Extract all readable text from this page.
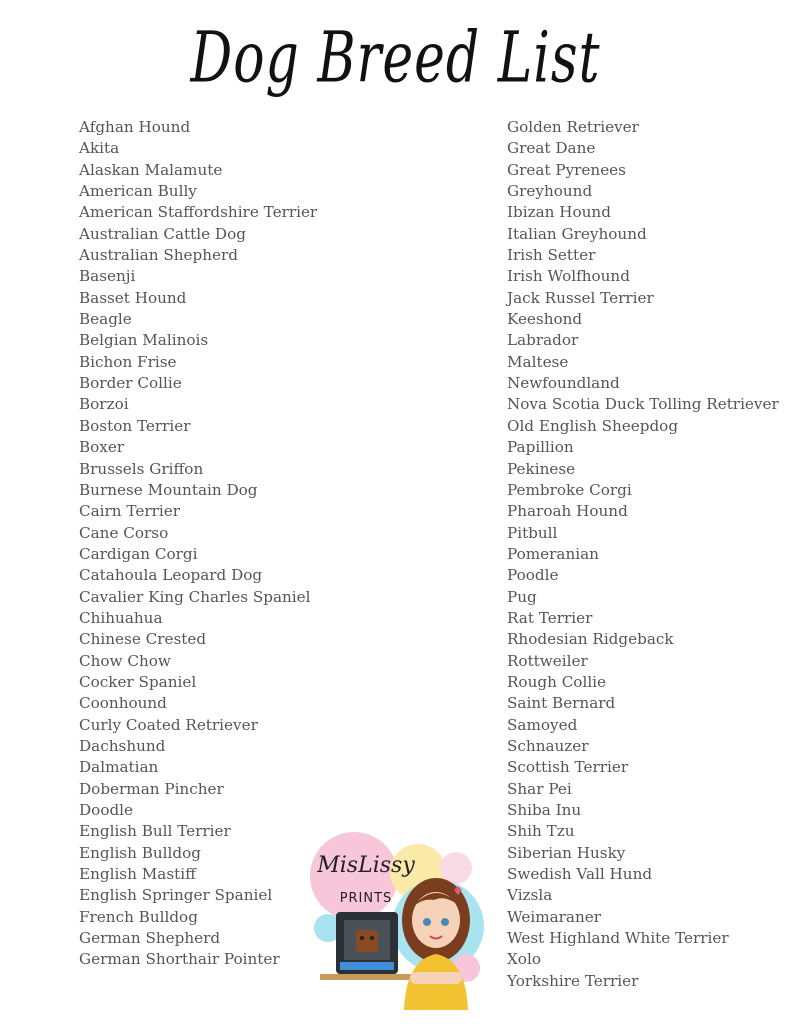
Dog Breed List
Afghan Hound
Akita
Alaskan Malamute
American Bully
American Staffordshire Terrier
Australian Cattle Dog
Australian Shepherd
Basenji
Basset Hound
Beagle
Belgian Malinois
Bichon Frise
Border Collie
Borzoi
Boston Terrier
Boxer
Brussels Griffon
Burnese Mountain Dog
Cairn Terrier
Cane Corso
Cardigan Corgi
Catahoula Leopard Dog
Cavalier King Charles Spaniel
Chihuahua
Chinese Crested
Chow Chow
Cocker Spaniel
Coonhound
Curly Coated Retriever
Dachshund
Dalmatian
Doberman Pincher
Doodle
English Bull Terrier
English Bulldog
English Mastiff
English Springer Spaniel
French Bulldog
German Shepherd
German Shorthair Pointer
Golden Retriever
Great Dane
Great Pyrenees
Greyhound
Ibizan Hound
Italian Greyhound
Irish Setter
Irish Wolfhound
Jack Russel Terrier
Keeshond
Labrador
Maltese
Newfoundland
Nova Scotia Duck Tolling Retriever
Old English Sheepdog
Papillion
Pekinese
Pembroke Corgi
Pharoah Hound
Pitbull
Pomeranian
Poodle
Pug
Rat Terrier
Rhodesian Ridgeback
Rottweiler
Rough Collie
Saint Bernard
Samoyed
Schnauzer
Scottish Terrier
Shar Pei
Shiba Inu
Shih Tzu
Siberian Husky
Swedish Vall Hund
Vizsla
Weimaraner
West Highland White Terrier
Xolo
Yorkshire Terrier
MisLissy
PRINTS
